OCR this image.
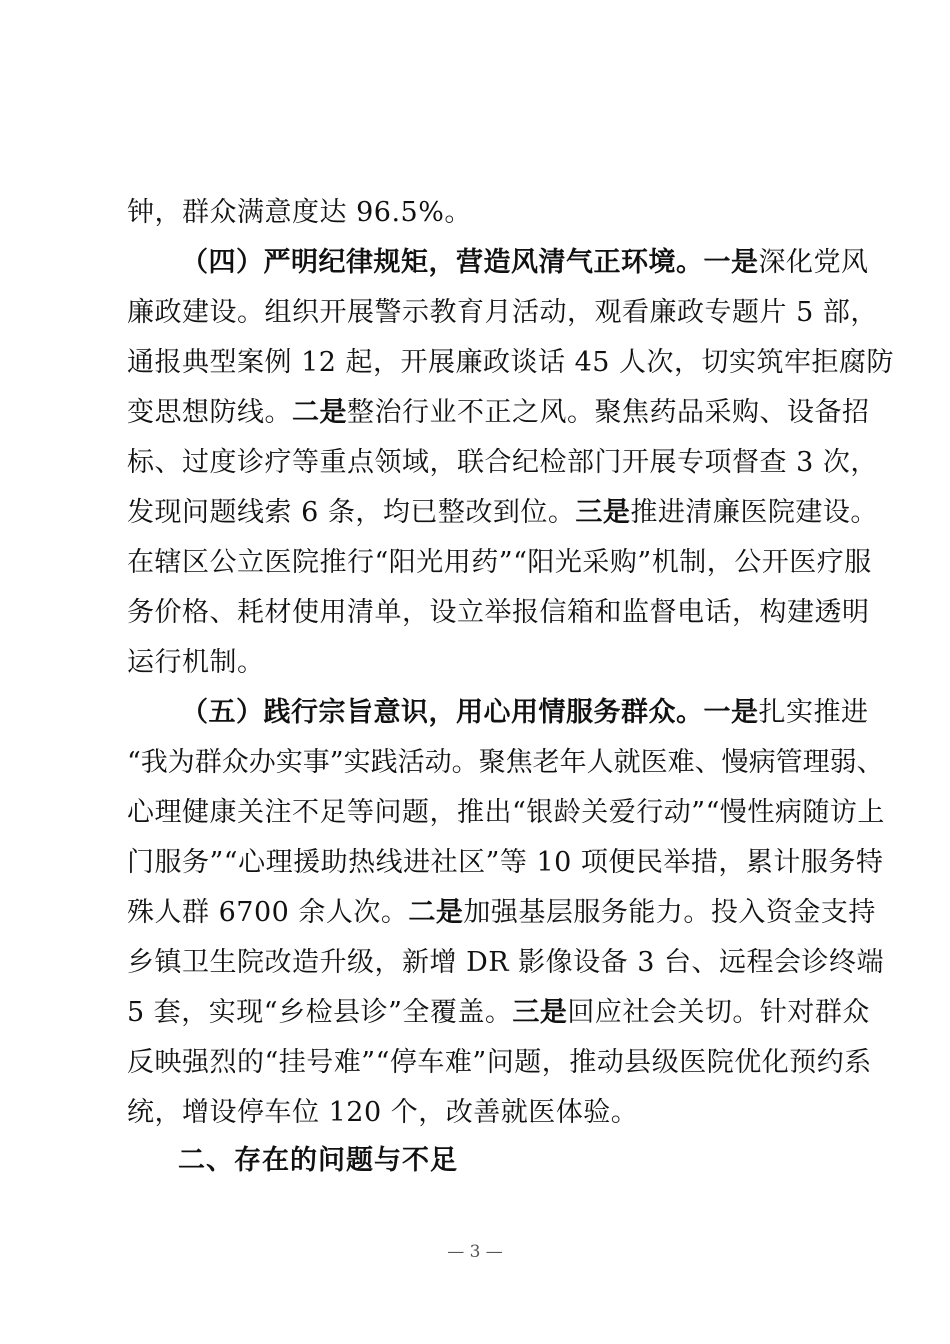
钟，群众满意度达 96.5%。
（四）严明纪律规矩，营造风清气正环境。一是深化党风
廉政建设。组织开展警示教育月活动，观看廉政专题片 5 部，
通报典型案例 12 起，开展廉政谈话 45 人次，切实筑牢拒腐防
变思想防线。二是整治行业不正之风。聚焦药品采购、设备招
标、过度诊疗等重点领域，联合纪检部门开展专项督查 3 次，
发现问题线索 6 条，均已整改到位。三是推进清廉医院建设。
在辖区公立医院推行“阳光用药”“阳光采购”机制，公开医疗服
务价格、耗材使用清单，设立举报信箱和监督电话，构建透明
运行机制。
（五）践行宗旨意识，用心用情服务群众。一是扎实推进
“我为群众办实事”实践活动。聚焦老年人就医难、慢病管理弱、
心理健康关注不足等问题，推出“银龄关爱行动”“慢性病随访上
门服务”“心理援助热线进社区”等 10 项便民举措，累计服务特
殊人群 6700 余人次。二是加强基层服务能力。投入资金支持
乡镇卫生院改造升级，新增 DR 影像设备 3 台、远程会诊终端
5 套，实现“乡检县诊”全覆盖。三是回应社会关切。针对群众
反映强烈的“挂号难”“停车难”问题，推动县级医院优化预约系
统，增设停车位 120 个，改善就医体验。
二、存在的问题与不足
— 3 —
